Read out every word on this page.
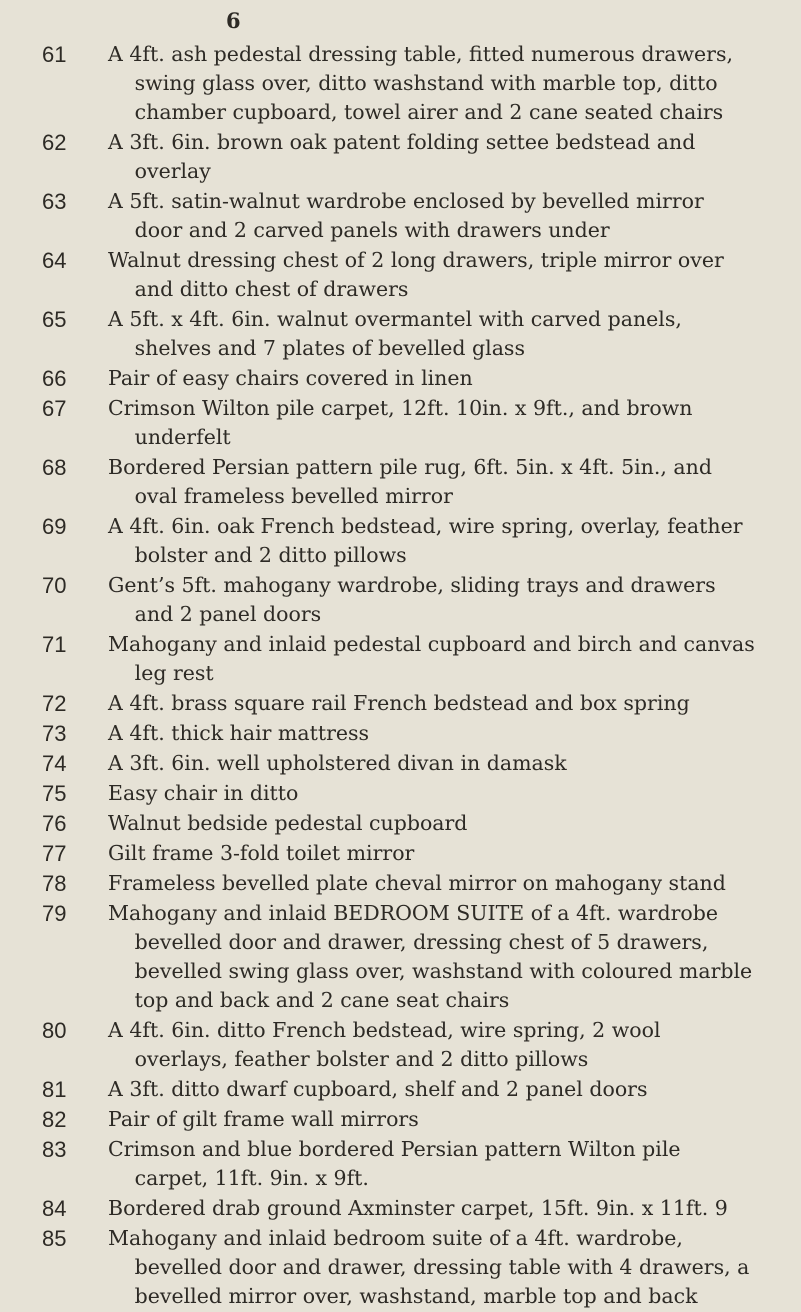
6
61	A 4ft. ash pedestal dressing table, fitted numerous drawers, swing glass over, ditto washstand with marble top, ditto chamber cupboard, towel airer and 2 cane seated chairs
62	A 3ft. 6in. brown oak patent folding settee bedstead and overlay
63	A 5ft. satin-walnut wardrobe enclosed by bevelled mirror door and 2 carved panels with drawers under
64	Walnut dressing chest of 2 long drawers, triple mirror over and ditto chest of drawers
65	A 5ft. x 4ft. 6in. walnut overmantel with carved panels, shelves and 7 plates of bevelled glass
66	Pair of easy chairs covered in linen
67	Crimson Wilton pile carpet, 12ft. 10in. x 9ft., and brown underfelt
68	Bordered Persian pattern pile rug, 6ft. 5in. x 4ft. 5in., and oval frameless bevelled mirror
69	A 4ft. 6in. oak French bedstead, wire spring, overlay, feather bolster and 2 ditto pillows
70	Gent’s 5ft. mahogany wardrobe, sliding trays and drawers and 2 panel doors
71	Mahogany and inlaid pedestal cupboard and birch and canvas leg rest
72	A 4ft. brass square rail French bedstead and box spring
73	A 4ft. thick hair mattress
74	A 3ft. 6in. well upholstered divan in damask
75	Easy chair in ditto
76	Walnut bedside pedestal cupboard
77	Gilt frame 3-fold toilet mirror
78	Frameless bevelled plate cheval mirror on mahogany stand
79	Mahogany and inlaid BEDROOM SUITE of a 4ft. wardrobe bevelled door and drawer, dressing chest of 5 drawers, bevelled swing glass over, washstand with coloured marble top and back and 2 cane seat chairs
80	A 4ft. 6in. ditto French bedstead, wire spring, 2 wool overlays, feather bolster and 2 ditto pillows
81	A 3ft. ditto dwarf cupboard, shelf and 2 panel doors
82	Pair of gilt frame wall mirrors
83	Crimson and blue bordered Persian pattern Wilton pile carpet, 11ft. 9in. x 9ft.
84	Bordered drab ground Axminster carpet, 15ft. 9in. x 11ft. 9
85	Mahogany and inlaid bedroom suite of a 4ft. wardrobe, bevelled door and drawer, dressing table with 4 drawers, a bevelled mirror over, washstand, marble top and back
